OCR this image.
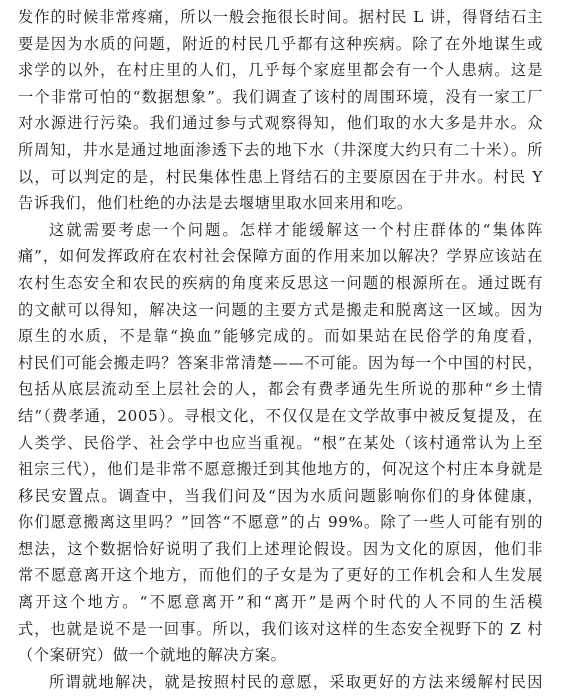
发作的时候非常疼痛，所以一般会拖很长时间。据村民 L 讲，得肾结石主
要是因为水质的问题，附近的村民几乎都有这种疾病。除了在外地谋生或
求学的以外，在村庄里的人们，几乎每个家庭里都会有一个人患病。这是
一个非常可怕的“数据想象”。我们调查了该村的周围环境，没有一家工厂
对水源进行污染。我们通过参与式观察得知，他们取的水大多是井水。众
所周知，井水是通过地面渗透下去的地下水（井深度大约只有二十米）。所
以，可以判定的是，村民集体性患上肾结石的主要原因在于井水。村民 Y
告诉我们，他们杜绝的办法是去堰塘里取水回来用和吃。
这就需要考虑一个问题。怎样才能缓解这一个村庄群体的“集体阵
痛”，如何发挥政府在农村社会保障方面的作用来加以解决？学界应该站在
农村生态安全和农民的疾病的角度来反思这一问题的根源所在。通过既有
的文献可以得知，解决这一问题的主要方式是搬走和脱离这一区域。因为
原生的水质，不是靠“换血”能够完成的。而如果站在民俗学的角度看，
村民们可能会搬走吗？答案非常清楚——不可能。因为每一个中国的村民，
包括从底层流动至上层社会的人，都会有费孝通先生所说的那种“乡土情
结”（费孝通，2005）。寻根文化，不仅仅是在文学故事中被反复提及，在
人类学、民俗学、社会学中也应当重视。“根”在某处（该村通常认为上至
祖宗三代），他们是非常不愿意搬迁到其他地方的，何况这个村庄本身就是
移民安置点。调查中，当我们问及“因为水质问题影响你们的身体健康，
你们愿意搬离这里吗？”回答“不愿意”的占 99%。除了一些人可能有别的
想法，这个数据恰好说明了我们上述理论假设。因为文化的原因，他们非
常不愿意离开这个地方，而他们的子女是为了更好的工作机会和人生发展
离开这个地方。“不愿意离开”和“离开”是两个时代的人不同的生活模
式，也就是说不是一回事。所以，我们该对这样的生态安全视野下的 Z 村
（个案研究）做一个就地的解决方案。
所谓就地解决，就是按照村民的意愿，采取更好的方法来缓解村民因
